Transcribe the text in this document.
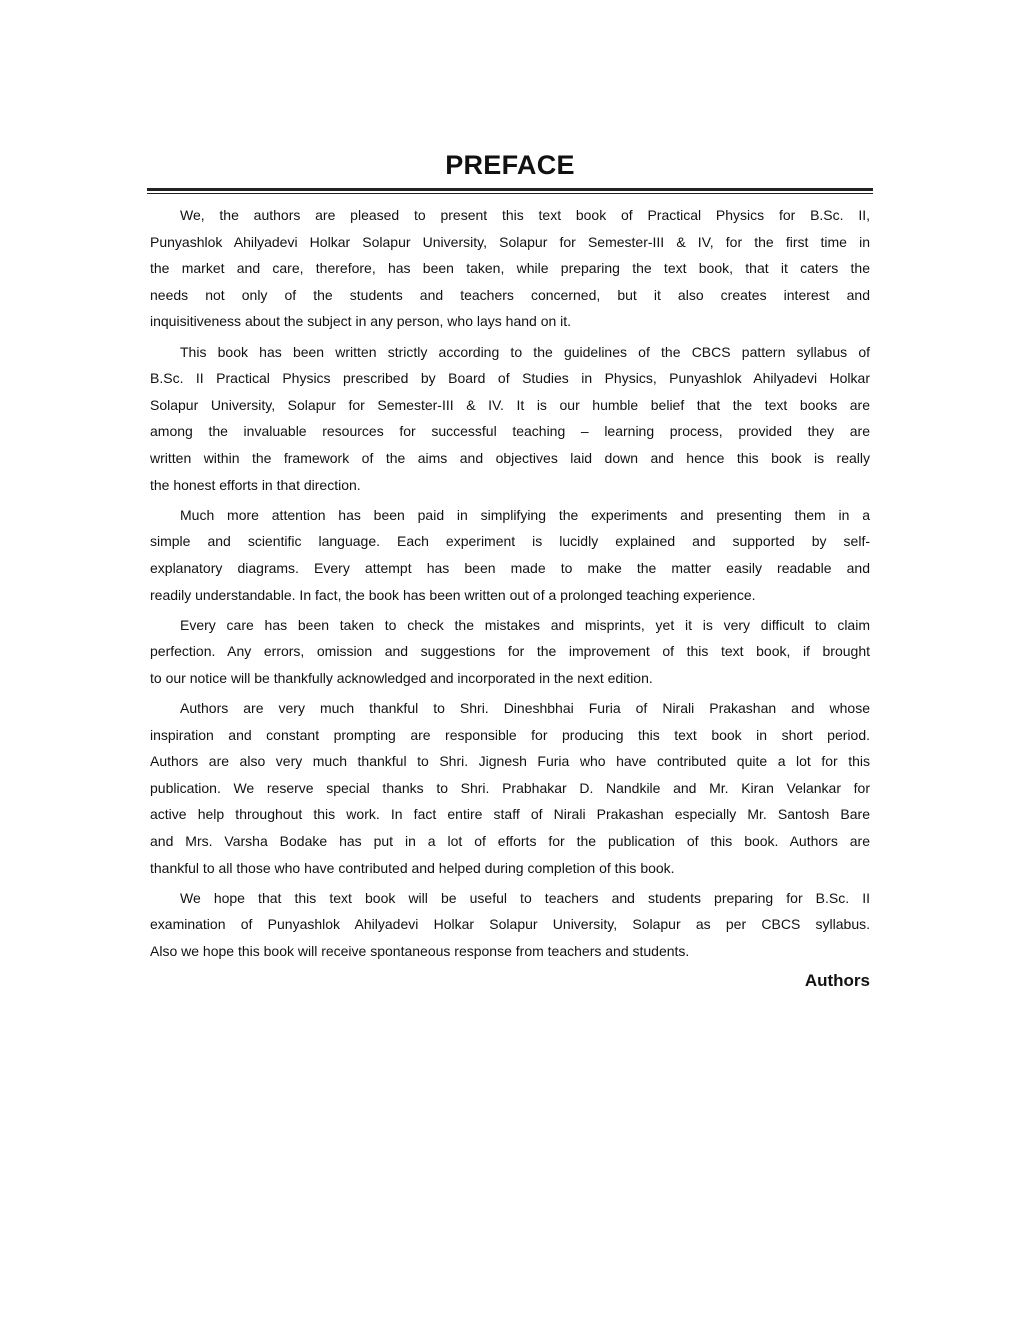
PREFACE
We, the authors are pleased to present this text book of Practical Physics for B.Sc. II,
Punyashlok Ahilyadevi Holkar Solapur University, Solapur for Semester-III & IV, for the first time in
the market and care, therefore, has been taken, while preparing the text book, that it caters the
needs not only of the students and teachers concerned, but it also creates interest and
inquisitiveness about the subject in any person, who lays hand on it.
This book has been written strictly according to the guidelines of the CBCS pattern syllabus of
B.Sc. II Practical Physics prescribed by Board of Studies in Physics, Punyashlok Ahilyadevi Holkar
Solapur University, Solapur for Semester-III & IV. It is our humble belief that the text books are
among the invaluable resources for successful teaching – learning process, provided they are
written within the framework of the aims and objectives laid down and hence this book is really
the honest efforts in that direction.
Much more attention has been paid in simplifying the experiments and presenting them in a
simple and scientific language. Each experiment is lucidly explained and supported by self-
explanatory diagrams. Every attempt has been made to make the matter easily readable and
readily understandable. In fact, the book has been written out of a prolonged teaching experience.
Every care has been taken to check the mistakes and misprints, yet it is very difficult to claim
perfection. Any errors, omission and suggestions for the improvement of this text book, if brought
to our notice will be thankfully acknowledged and incorporated in the next edition.
Authors are very much thankful to Shri. Dineshbhai Furia of Nirali Prakashan and whose
inspiration and constant prompting are responsible for producing this text book in short period.
Authors are also very much thankful to Shri. Jignesh Furia who have contributed quite a lot for this
publication. We reserve special thanks to Shri. Prabhakar D. Nandkile and Mr. Kiran Velankar for
active help throughout this work. In fact entire staff of Nirali Prakashan especially Mr. Santosh Bare
and Mrs. Varsha Bodake has put in a lot of efforts for the publication of this book. Authors are
thankful to all those who have contributed and helped during completion of this book.
We hope that this text book will be useful to teachers and students preparing for B.Sc. II
examination of Punyashlok Ahilyadevi Holkar Solapur University, Solapur as per CBCS syllabus.
Also we hope this book will receive spontaneous response from teachers and students.
Authors
